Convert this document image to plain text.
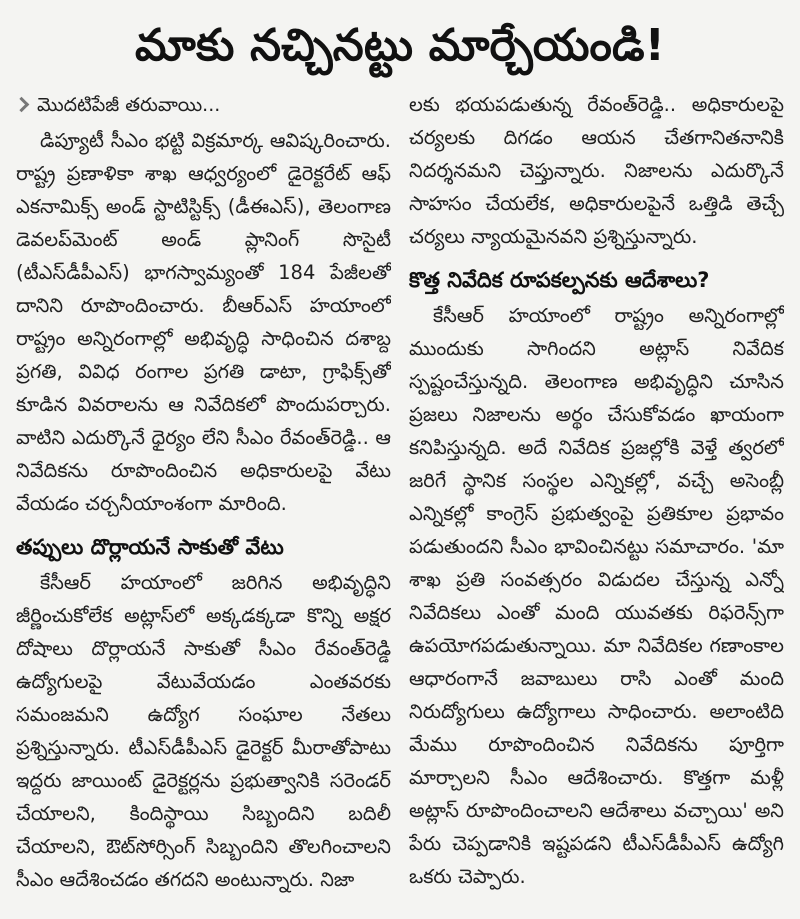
మాకు నచ్చినట్టు మార్చేయండి!
మొదటిపేజీ తరువాయి...

డిప్యూటీ సీఎం భట్టి విక్రమార్క ఆవిష్కరించారు. రాష్ట్ర ప్రణాళికా శాఖ ఆధ్వర్యంలో డైరెక్టరేట్ ఆఫ్ ఎకనామిక్స్ అండ్ స్టాటిస్టిక్స్ (డీఈఎస్), తెలంగాణ డెవలప్‌మెంట్ అండ్ ప్లానింగ్ సొసైటీ (టీఎస్‌డీపీఎస్) భాగస్వామ్యంతో 184 పేజీలతో దానిని రూపొందించారు. బీఆర్‌ఎస్ హయాంలో రాష్ట్రం అన్నిరంగాల్లో అభివృద్ధి సాధించిన దశాబ్ద ప్రగతి, వివిధ రంగాల ప్రగతి డాటా, గ్రాఫిక్స్‌తో కూడిన వివరాలను ఆ నివేదికలో పొందుపర్చారు. వాటిని ఎదుర్కొనే ధైర్యం లేని సీఎం రేవంత్‌రెడ్డి.. ఆ నివేదికను రూపొందించిన అధికారులపై వేటు వేయడం చర్చనీయాంశంగా మారింది.

తప్పులు దొర్లాయనే సాకుతో వేటు

కేసీఆర్ హయాంలో జరిగిన అభివృద్ధిని జీర్ణించుకోలేక అట్లాస్‌లో అక్కడక్కడా కొన్ని అక్షర దోషాలు దొర్లాయనే సాకుతో సీఎం రేవంత్‌రెడ్డి ఉద్యోగులపై వేటువేయడం ఎంతవరకు సమంజమని ఉద్యోగ సంఘాల నేతలు ప్రశ్నిస్తున్నారు. టీఎస్‌డీపీఎస్ డైరెక్టర్ మీరాతోపాటు ఇద్దరు జాయింట్ డైరెక్టర్లను ప్రభుత్వానికి సరెండర్ చేయాలని, కిందిస్థాయి సిబ్బందిని బదిలీ చేయాలని, ఔట్‌సోర్సింగ్ సిబ్బందిని తొలగించాలని సీఎం ఆదేశించడం తగదని అంటున్నారు. నిజా

లకు భయపడుతున్న రేవంత్‌రెడ్డి.. అధికారులపై చర్యలకు దిగడం ఆయన చేతగానితనానికి నిదర్శనమని చెప్తున్నారు. నిజాలను ఎదుర్కొనే సాహసం చేయలేక, అధికారులపైనే ఒత్తిడి తెచ్చే చర్యలు న్యాయమైనవని ప్రశ్నిస్తున్నారు.

కొత్త నివేదిక రూపకల్పనకు ఆదేశాలు?

కేసీఆర్ హయాంలో రాష్ట్రం అన్నిరంగాల్లో ముందుకు సాగిందని అట్లాస్ నివేదిక స్పష్టంచేస్తున్నది. తెలంగాణ అభివృద్ధిని చూసిన ప్రజలు నిజాలను అర్థం చేసుకోవడం ఖాయంగా కనిపిస్తున్నది. అదే నివేదిక ప్రజల్లోకి వెళ్తే త్వరలో జరిగే స్థానిక సంస్థల ఎన్నికల్లో, వచ్చే అసెంబ్లీ ఎన్నికల్లో కాంగ్రెస్ ప్రభుత్వంపై ప్రతికూల ప్రభావం పడుతుందని సీఎం భావించినట్టు సమాచారం. 'మా శాఖ ప్రతి సంవత్సరం విడుదల చేస్తున్న ఎన్నో నివేదికలు ఎంతో మంది యువతకు రిఫరెన్స్‌గా ఉపయోగపడుతున్నాయి. మా నివేదికల గణాంకాల ఆధారంగానే జవాబులు రాసి ఎంతో మంది నిరుద్యోగులు ఉద్యోగాలు సాధించారు. అలాంటిది మేము రూపొందించిన నివేదికను పూర్తిగా మార్చాలని సీఎం ఆదేశించారు. కొత్తగా మళ్లీ అట్లాస్ రూపొందించాలని ఆదేశాలు వచ్చాయి' అని పేరు చెప్పడానికి ఇష్టపడని టీఎస్‌డీపీఎస్ ఉద్యోగి ఒకరు చెప్పారు.
